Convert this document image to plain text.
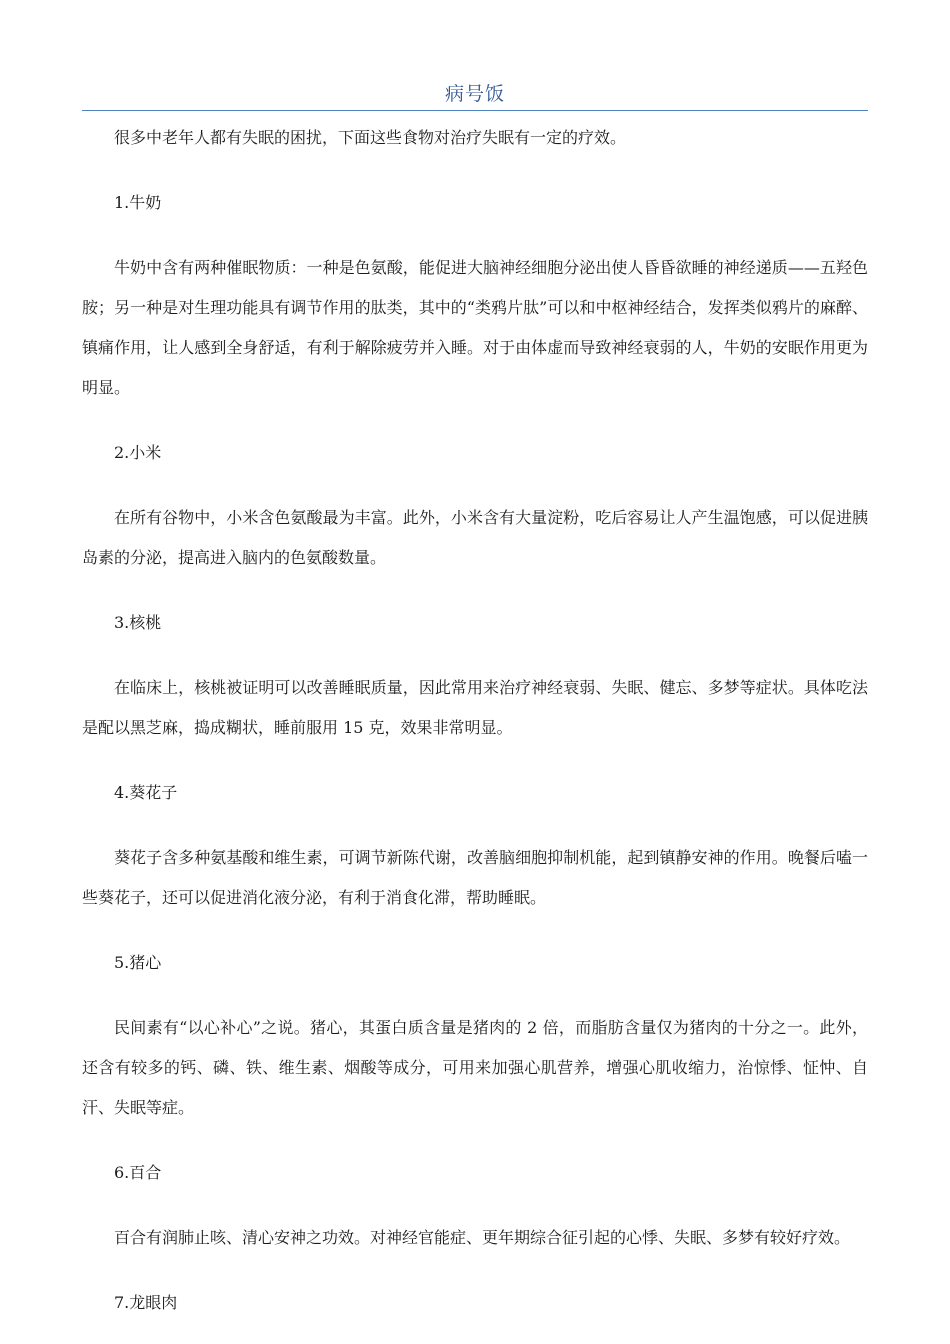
病号饭

很多中老年人都有失眠的困扰，下面这些食物对治疗失眠有一定的疗效。

1.牛奶

牛奶中含有两种催眠物质：一种是色氨酸，能促进大脑神经细胞分泌出使人昏昏欲睡的神经递质——五羟色胺；另一种是对生理功能具有调节作用的肽类，其中的“类鸦片肽”可以和中枢神经结合，发挥类似鸦片的麻醉、镇痛作用，让人感到全身舒适，有利于解除疲劳并入睡。对于由体虚而导致神经衰弱的人，牛奶的安眠作用更为明显。

2.小米

在所有谷物中，小米含色氨酸最为丰富。此外，小米含有大量淀粉，吃后容易让人产生温饱感，可以促进胰岛素的分泌，提高进入脑内的色氨酸数量。

3.核桃

在临床上，核桃被证明可以改善睡眠质量，因此常用来治疗神经衰弱、失眠、健忘、多梦等症状。具体吃法是配以黑芝麻，捣成糊状，睡前服用 15 克，效果非常明显。

4.葵花子

葵花子含多种氨基酸和维生素，可调节新陈代谢，改善脑细胞抑制机能，起到镇静安神的作用。晚餐后嗑一些葵花子，还可以促进消化液分泌，有利于消食化滞，帮助睡眠。

5.猪心

民间素有“以心补心”之说。猪心，其蛋白质含量是猪肉的 2 倍，而脂肪含量仅为猪肉的十分之一。此外，还含有较多的钙、磷、铁、维生素、烟酸等成分，可用来加强心肌营养，增强心肌收缩力，治惊悸、怔忡、自汗、失眠等症。

6.百合

百合有润肺止咳、清心安神之功效。对神经官能症、更年期综合征引起的心悸、失眠、多梦有较好疗效。

7.龙眼肉
